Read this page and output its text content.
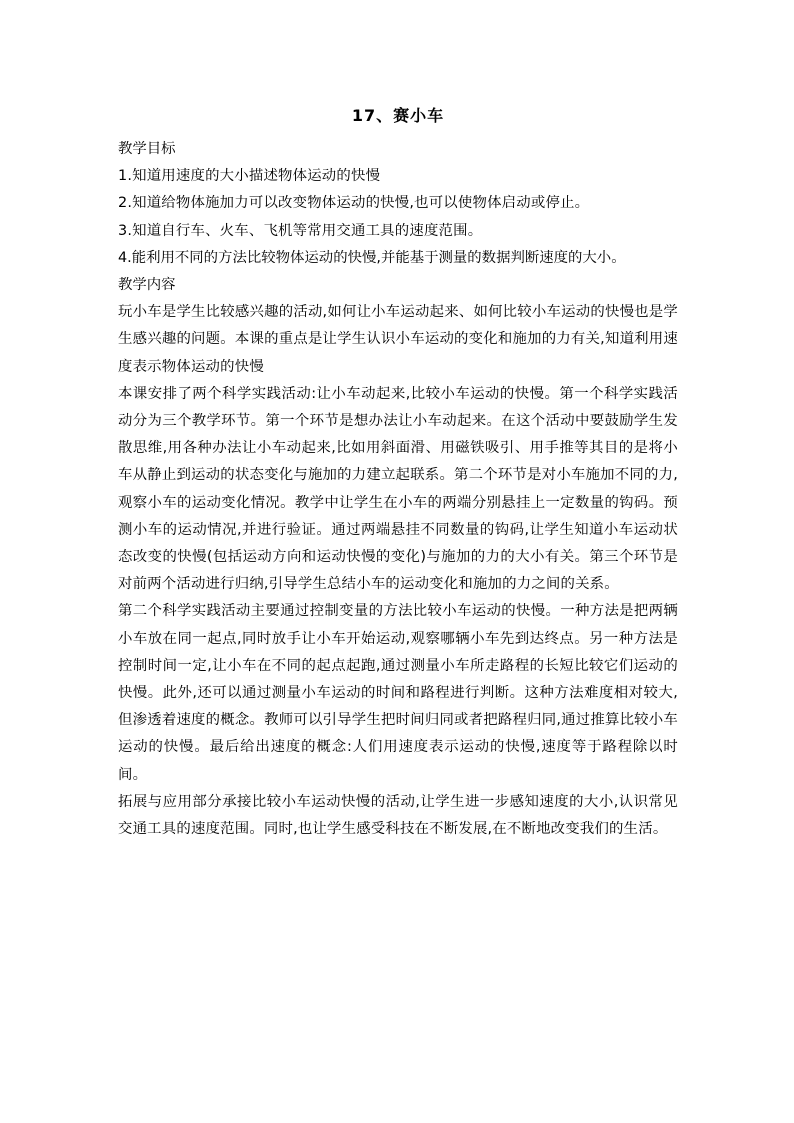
17、赛小车

教学目标

1.知道用速度的大小描述物体运动的快慢

2.知道给物体施加力可以改变物体运动的快慢,也可以使物体启动或停止。

3.知道自行车、火车、飞机等常用交通工具的速度范围。

4.能利用不同的方法比较物体运动的快慢,并能基于测量的数据判断速度的大小。

教学内容

玩小车是学生比较感兴趣的活动,如何让小车运动起来、如何比较小车运动的快慢也是学生感兴趣的问题。本课的重点是让学生认识小车运动的变化和施加的力有关,知道利用速度表示物体运动的快慢

本课安排了两个科学实践活动:让小车动起来,比较小车运动的快慢。第一个科学实践活动分为三个教学环节。第一个环节是想办法让小车动起来。在这个活动中要鼓励学生发散思维,用各种办法让小车动起来,比如用斜面滑、用磁铁吸引、用手推等其目的是将小车从静止到运动的状态变化与施加的力建立起联系。第二个环节是对小车施加不同的力,观察小车的运动变化情况。教学中让学生在小车的两端分别悬挂上一定数量的钩码。预测小车的运动情况,并进行验证。通过两端悬挂不同数量的钩码,让学生知道小车运动状态改变的快慢(包括运动方向和运动快慢的变化)与施加的力的大小有关。第三个环节是对前两个活动进行归纳,引导学生总结小车的运动变化和施加的力之间的关系。

第二个科学实践活动主要通过控制变量的方法比较小车运动的快慢。一种方法是把两辆小车放在同一起点,同时放手让小车开始运动,观察哪辆小车先到达终点。另一种方法是控制时间一定,让小车在不同的起点起跑,通过测量小车所走路程的长短比较它们运动的快慢。此外,还可以通过测量小车运动的时间和路程进行判断。这种方法难度相对较大,但渗透着速度的概念。教师可以引导学生把时间归同或者把路程归同,通过推算比较小车运动的快慢。最后给出速度的概念:人们用速度表示运动的快慢,速度等于路程除以时间。

拓展与应用部分承接比较小车运动快慢的活动,让学生进一步感知速度的大小,认识常见交通工具的速度范围。同时,也让学生感受科技在不断发展,在不断地改变我们的生活。
